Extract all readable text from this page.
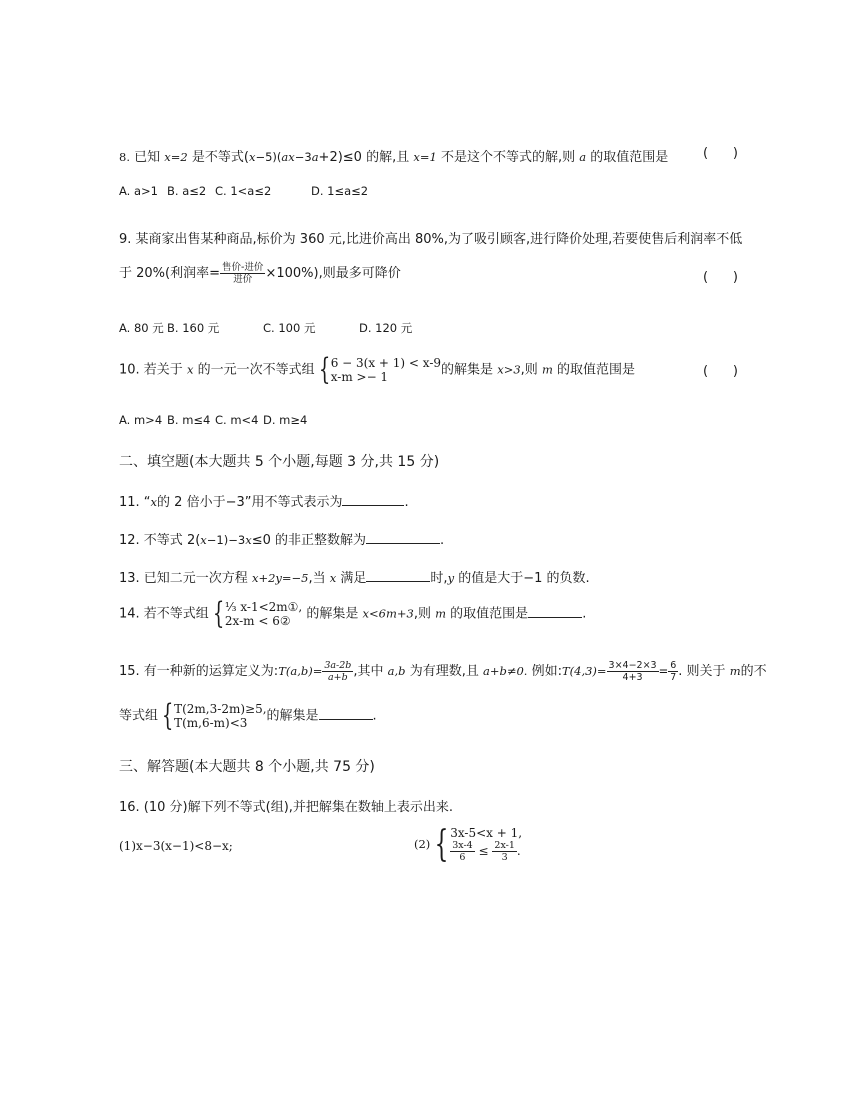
8. 已知 x=2 是不等式(x−5)(ax−3a+2)≤0 的解,且 x=1 不是这个不等式的解,则 a 的取值范围是	(      )
A. a>1 B. a≤2 C. 1<a≤2	D. 1≤a≤2
9. 某商家出售某种商品,标价为 360 元,比进价高出 80%,为了吸引顾客,进行降价处理,若要使售后利润率不低
于 20%(利润率= $\frac{\text{售价-进价}}{\text{进价}} \times 100\%$),则最多可降价	(      )
A. 80 元 B. 160 元	C. 100 元	D. 120 元
10. 若关于 x 的一元一次不等式组 { 6 − 3(x + 1) < x-9
x-m >− 1	的解集是 x>3,则 m 的取值范围是	(      )
A. m>4 B. m≤4 C. m<4 D. m≥4
二、填空题(本大题共 5 个小题,每题 3 分,共 15 分)
11. “x的 2 倍小于−3”用不等式表示为	.
12. 不等式 2(x−1)−3x≤0 的非正整数解为	.
13. 已知二元一次方程 x+2y=−5,当 x 满足	时,y 的值是大于−1 的负数.
14. 若不等式组 { ⅓ x-1<2m①,
2x-m < 6②	的解集是 x<6m+3,则 m 的取值范围是	.
15. 有一种新的运算定义为:T(a,b)= $\frac{3a-2b}{a+b}$ ,其中 a,b 为有理数,且 a+b≠0. 例如:T(4,3)= $\frac{3\times 4-2\times 3}{4+3} = \frac{6}{7}$ . 则关于 m的不
等式组 { T(2m,3-2m)≥5,
T(m,6-m)<3	的解集是	.
三、解答题(本大题共 8 个小题,共 75 分)
16. (10 分)解下列不等式(组),并把解集在数轴上表示出来.
(1)x−3(x−1)<8−x;	(2) { 3x-5<x + 1,
$\frac{3x-4}{6} \le \frac{2x-1}{3}$ .
